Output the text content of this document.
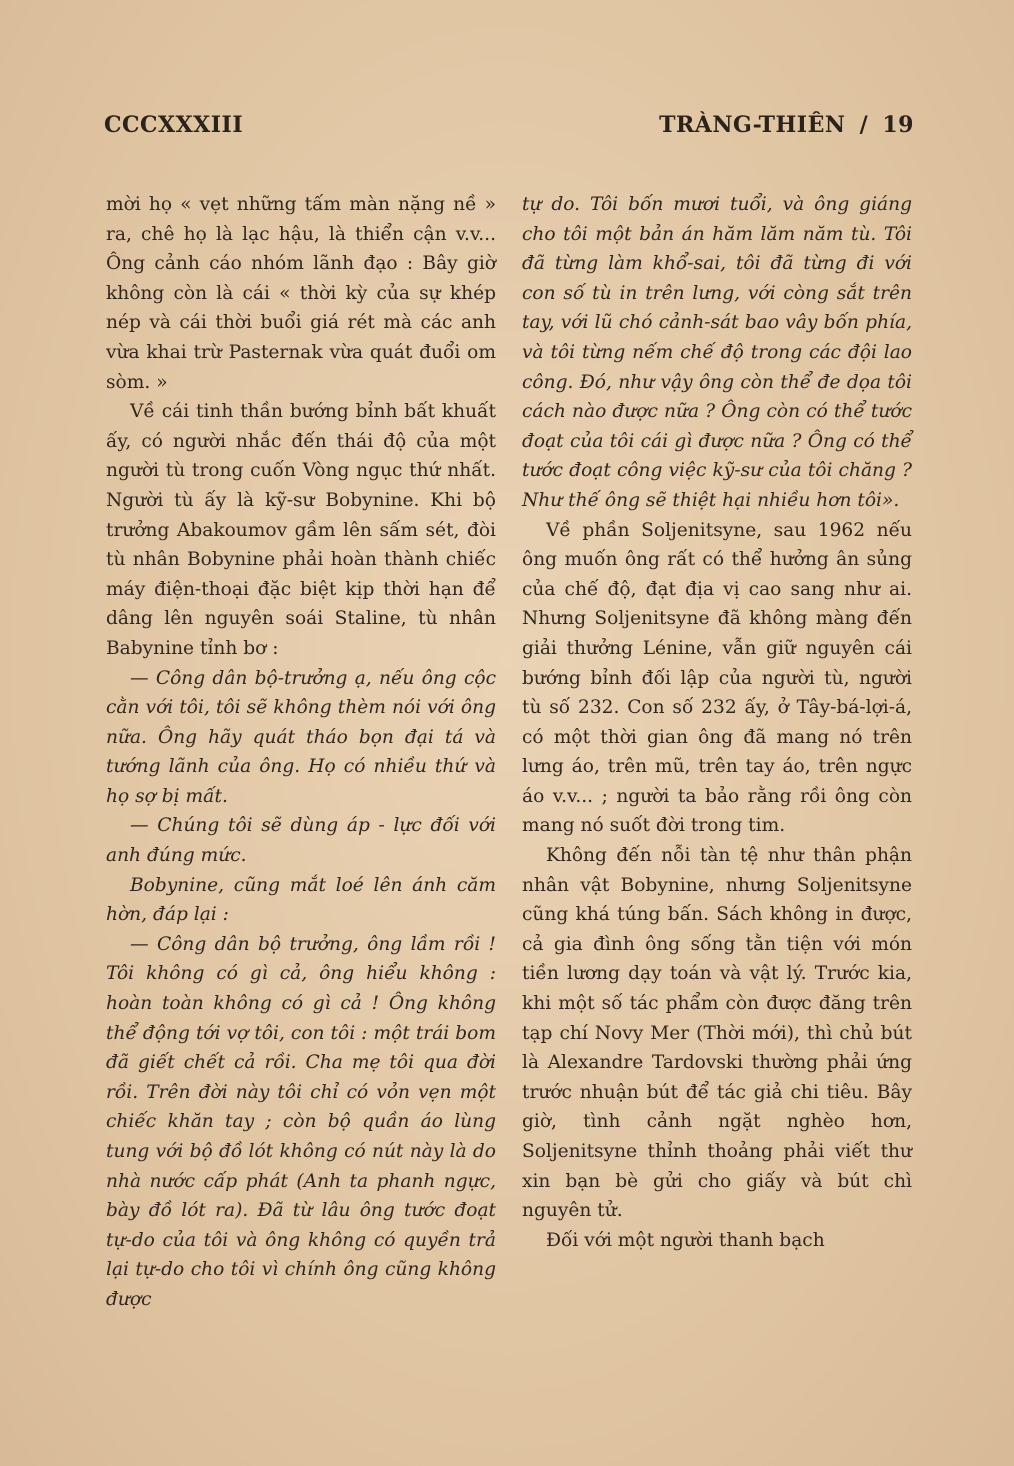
CCCXXXIII	TRÀNG-THIÊN / 19

mời họ « vẹt những tấm màn nặng nề » ra, chê họ là lạc hậu, là thiển cận v.v... Ông cảnh cáo nhóm lãnh đạo : Bây giờ không còn là cái « thời kỳ của sự khép nép và cái thời buổi giá rét mà các anh vừa khai trừ Pasternak vừa quát đuổi om sòm. »

Về cái tinh thần bướng bỉnh bất khuất ấy, có người nhắc đến thái độ của một người tù trong cuốn Vòng ngục thứ nhất. Người tù ấy là kỹ-sư Bobynine. Khi bộ trưởng Abakoumov gầm lên sấm sét, đòi tù nhân Bobynine phải hoàn thành chiếc máy điện-thoại đặc biệt kịp thời hạn để dâng lên nguyên soái Staline, tù nhân Babynine tỉnh bơ :

— Công dân bộ-trưởng ạ, nếu ông cộc cằn với tôi, tôi sẽ không thèm nói với ông nữa. Ông hãy quát tháo bọn đại tá và tướng lãnh của ông. Họ có nhiều thứ và họ sợ bị mất.

— Chúng tôi sẽ dùng áp - lực đối với anh đúng mức.

Bobynine, cũng mắt loé lên ánh căm hờn, đáp lại :

— Công dân bộ trưởng, ông lầm rồi ! Tôi không có gì cả, ông hiểu không : hoàn toàn không có gì cả ! Ông không thể động tới vợ tôi, con tôi : một trái bom đã giết chết cả rồi. Cha mẹ tôi qua đời rồi. Trên đời này tôi chỉ có vỏn vẹn một chiếc khăn tay ; còn bộ quần áo lùng tung với bộ đồ lót không có nút này là do nhà nước cấp phát (Anh ta phanh ngực, bày đồ lót ra). Đã từ lâu ông tước đoạt tự-do của tôi và ông không có quyền trả lại tự-do cho tôi vì chính ông cũng không được

tự do. Tôi bốn mươi tuổi, và ông giáng cho tôi một bản án hăm lăm năm tù. Tôi đã từng làm khổ-sai, tôi đã từng đi với con số tù in trên lưng, với còng sắt trên tay, với lũ chó cảnh-sát bao vây bốn phía, và tôi từng nếm chế độ trong các đội lao công. Đó, như vậy ông còn thể đe dọa tôi cách nào được nữa ? Ông còn có thể tước đoạt của tôi cái gì được nữa ? Ông có thể tước đoạt công việc kỹ-sư của tôi chăng ? Như thế ông sẽ thiệt hại nhiều hơn tôi».

Về phần Soljenitsyne, sau 1962 nếu ông muốn ông rất có thể hưởng ân sủng của chế độ, đạt địa vị cao sang như ai. Nhưng Soljenitsyne đã không màng đến giải thưởng Lénine, vẫn giữ nguyên cái bướng bỉnh đối lập của người tù, người tù số 232. Con số 232 ấy, ở Tây-bá-lợi-á, có một thời gian ông đã mang nó trên lưng áo, trên mũ, trên tay áo, trên ngực áo v.v... ; người ta bảo rằng rồi ông còn mang nó suốt đời trong tim.

Không đến nỗi tàn tệ như thân phận nhân vật Bobynine, nhưng Soljenitsyne cũng khá túng bấn. Sách không in được, cả gia đình ông sống tằn tiện với món tiền lương dạy toán và vật lý. Trước kia, khi một số tác phẩm còn được đăng trên tạp chí Novy Mer (Thời mới), thì chủ bút là Alexandre Tardovski thường phải ứng trước nhuận bút để tác giả chi tiêu. Bây giờ, tình cảnh ngặt nghèo hơn, Soljenitsyne thỉnh thoảng phải viết thư xin bạn bè gửi cho giấy và bút chì nguyên tử.

Đối với một người thanh bạch
